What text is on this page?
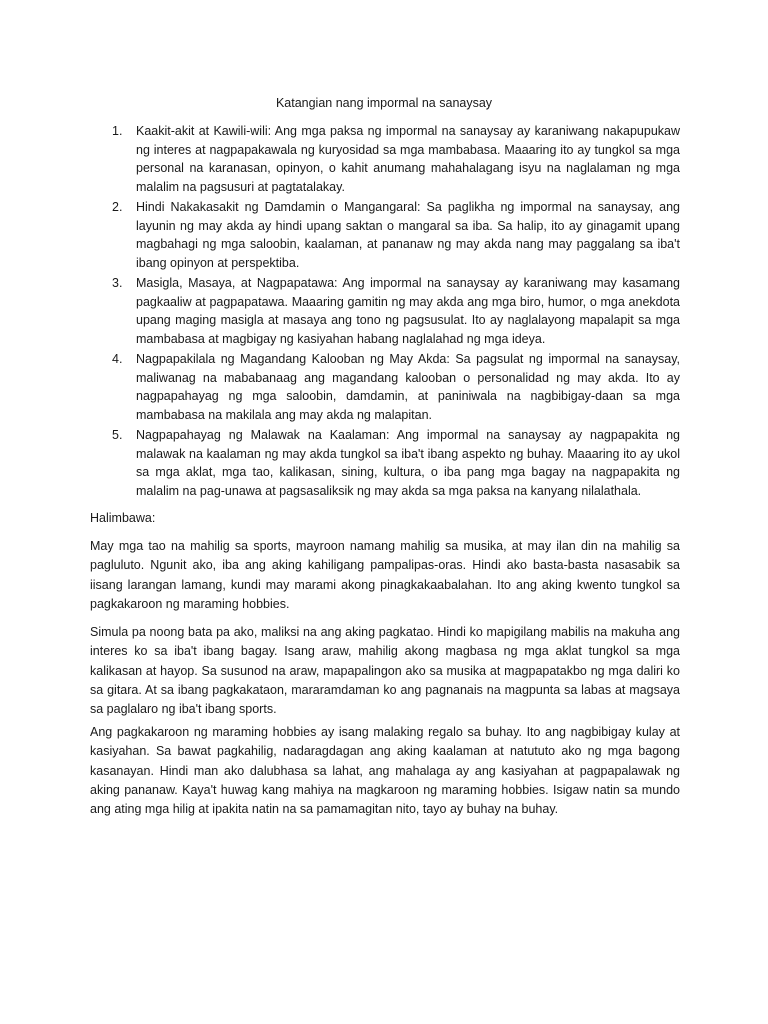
Katangian nang impormal na sanaysay
1. Kaakit-akit at Kawili-wili: Ang mga paksa ng impormal na sanaysay ay karaniwang nakapupukaw ng interes at nagpapakawala ng kuryosidad sa mga mambabasa. Maaaring ito ay tungkol sa mga personal na karanasan, opinyon, o kahit anumang mahahalagang isyu na naglalaman ng mga malalim na pagsusuri at pagtatalakay.
2. Hindi Nakakasakit ng Damdamin o Mangangaral: Sa paglikha ng impormal na sanaysay, ang layunin ng may akda ay hindi upang saktan o mangaral sa iba. Sa halip, ito ay ginagamit upang magbahagi ng mga saloobin, kaalaman, at pananaw ng may akda nang may paggalang sa iba't ibang opinyon at perspektiba.
3. Masigla, Masaya, at Nagpapatawa: Ang impormal na sanaysay ay karaniwang may kasamang pagkaaliw at pagpapatawa. Maaaring gamitin ng may akda ang mga biro, humor, o mga anekdota upang maging masigla at masaya ang tono ng pagsusulat. Ito ay naglalayong mapalapit sa mga mambabasa at magbigay ng kasiyahan habang naglalahad ng mga ideya.
4. Nagpapakilala ng Magandang Kalooban ng May Akda: Sa pagsulat ng impormal na sanaysay, maliwanag na mababanaag ang magandang kalooban o personalidad ng may akda. Ito ay nagpapahayag ng mga saloobin, damdamin, at paniniwala na nagbibigay-daan sa mga mambabasa na makilala ang may akda ng malapitan.
5. Nagpapahayag ng Malawak na Kaalaman: Ang impormal na sanaysay ay nagpapakita ng malawak na kaalaman ng may akda tungkol sa iba't ibang aspekto ng buhay. Maaaring ito ay ukol sa mga aklat, mga tao, kalikasan, sining, kultura, o iba pang mga bagay na nagpapakita ng malalim na pag-unawa at pagsasaliksik ng may akda sa mga paksa na kanyang nilalathala.
Halimbawa:

May mga tao na mahilig sa sports, mayroon namang mahilig sa musika, at may ilan din na mahilig sa pagluluto. Ngunit ako, iba ang aking kahiligang pampalipas-oras. Hindi ako basta-basta nasasabik sa iisang larangan lamang, kundi may marami akong pinagkakaabalahan. Ito ang aking kwento tungkol sa pagkakaroon ng maraming hobbies.

Simula pa noong bata pa ako, maliksi na ang aking pagkatao. Hindi ko mapigilang mabilis na makuha ang interes ko sa iba't ibang bagay. Isang araw, mahilig akong magbasa ng mga aklat tungkol sa mga kalikasan at hayop. Sa susunod na araw, mapapalingon ako sa musika at magpapatakbo ng mga daliri ko sa gitara. At sa ibang pagkakataon, mararamdaman ko ang pagnanais na magpunta sa labas at magsaya sa paglalaro ng iba't ibang sports.

Ang pagkakaroon ng maraming hobbies ay isang malaking regalo sa buhay. Ito ang nagbibigay kulay at kasiyahan. Sa bawat pagkahilig, nadaragdagan ang aking kaalaman at natututo ako ng mga bagong kasanayan. Hindi man ako dalubhasa sa lahat, ang mahalaga ay ang kasiyahan at pagpapalawak ng aking pananaw. Kaya't huwag kang mahiya na magkaroon ng maraming hobbies. Isigaw natin sa mundo ang ating mga hilig at ipakita natin na sa pamamagitan nito, tayo ay buhay na buhay.
